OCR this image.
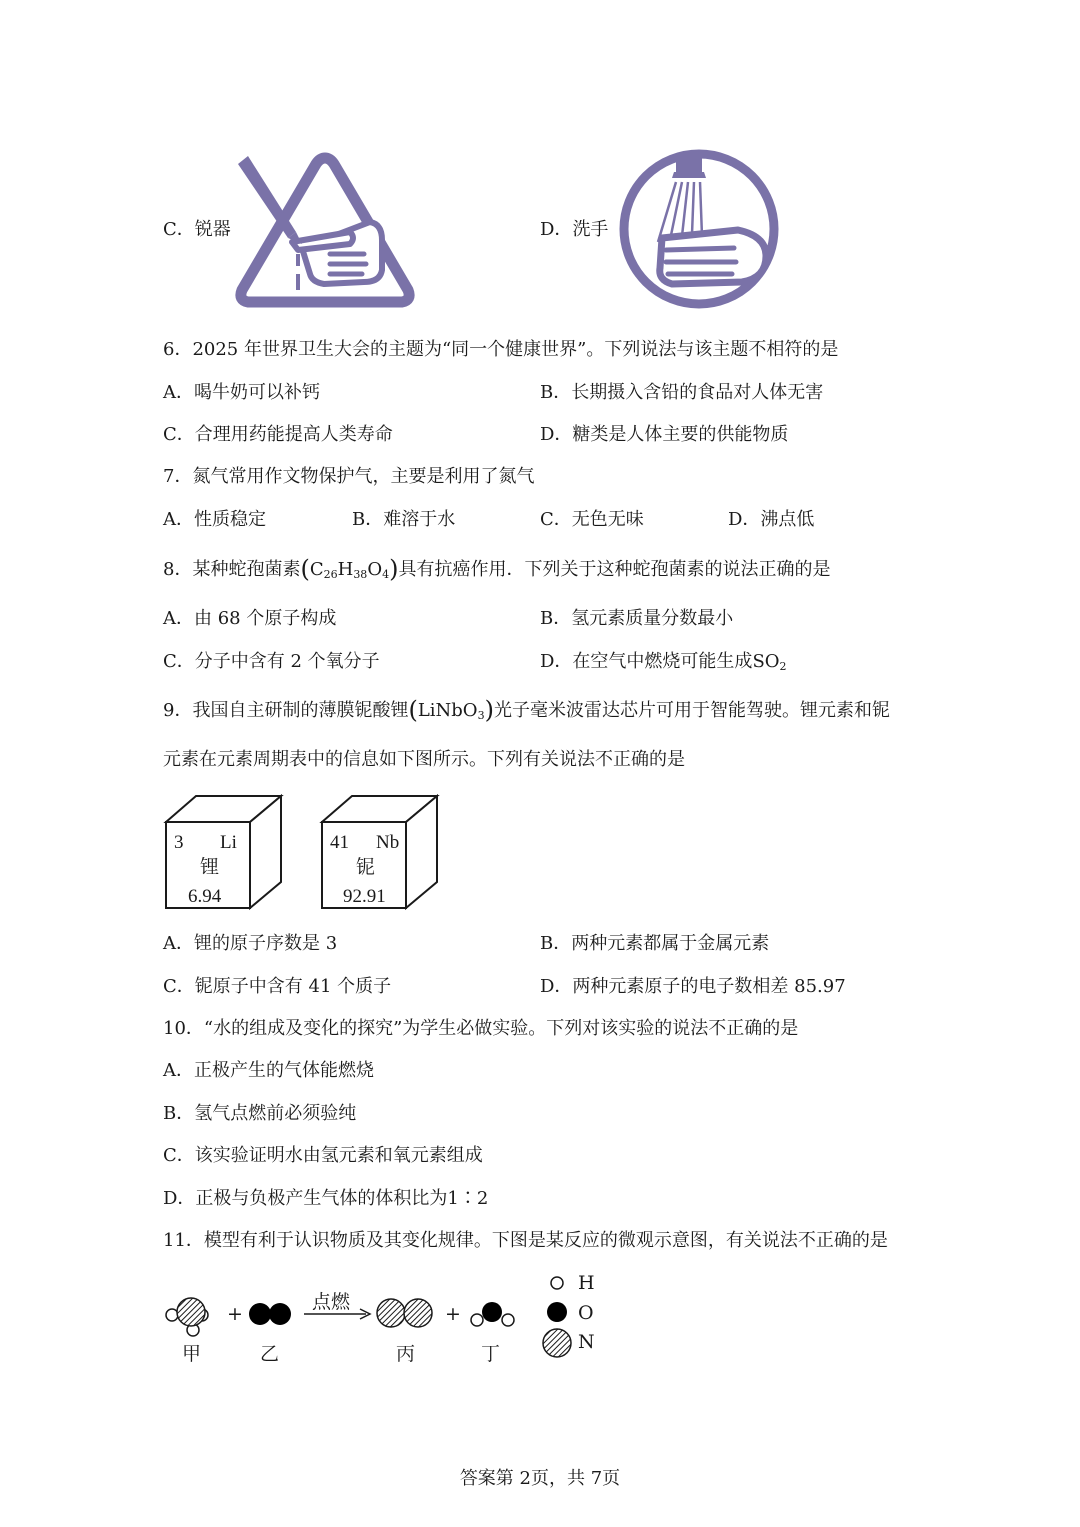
C．锐器	D．洗手
6．2025 年世界卫生大会的主题为“同一个健康世界”。下列说法与该主题不相符的是
A．喝牛奶可以补钙	B．长期摄入含铅的食品对人体无害
C．合理用药能提高人类寿命	D．糖类是人体主要的供能物质
7．氮气常用作文物保护气，主要是利用了氮气
A．性质稳定	B．难溶于水	C．无色无味	D．沸点低
8．某种蛇孢菌素$(C_{26}H_{38}O_4)$具有抗癌作用．下列关于这种蛇孢菌素的说法正确的是
A．由 68 个原子构成	B．氢元素质量分数最小
C．分子中含有 2 个氧分子	D．在空气中燃烧可能生成$SO_2$
9．我国自主研制的薄膜铌酸锂(LiNbO$_3$)光子毫米波雷达芯片可用于智能驾驶。锂元素和铌
元素在元素周期表中的信息如下图所示。下列有关说法不正确的是
3 Li
锂
6.94
41 Nb
铌
92.91
A．锂的原子序数是 3	B．两种元素都属于金属元素
C．铌原子中含有 41 个质子	D．两种元素原子的电子数相差 85.97
10．“水的组成及变化的探究”为学生必做实验。下列对该实验的说法不正确的是
A．正极产生的气体能燃烧
B．氢气点燃前必须验纯
C．该实验证明水由氢元素和氧元素组成
D．正极与负极产生气体的体积比为1∶2
11．模型有利于认识物质及其变化规律。下图是某反应的微观示意图，有关说法不正确的是
+
点燃
+
甲	乙	丙	丁
H
O
N
答案第 2页，共 7页
